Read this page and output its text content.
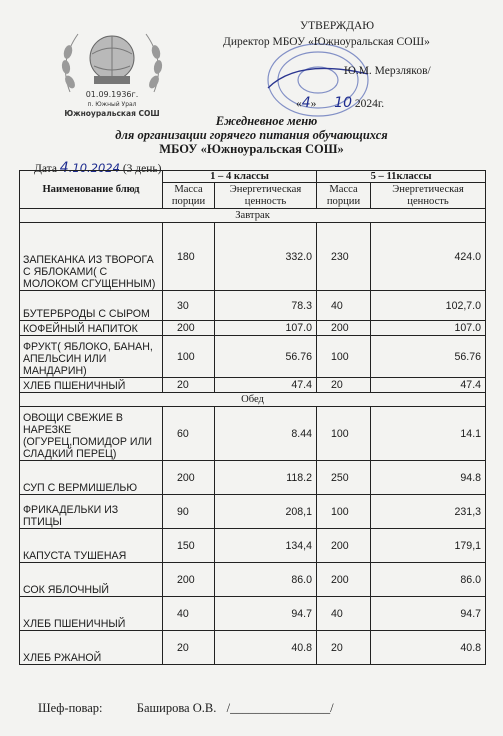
01.09.1936г.
п. Южный Урал
Южноуральская СОШ
УТВЕРЖДАЮ
Директор МБОУ «Южноуральская СОШ»
Ю.М. Мерзляков/
«4» 10 2024г.
Ежедневное меню
для организации горячего питания обучающихся
МБОУ «Южноуральская СОШ»
Дата 4.10.2024 (3 день)
Наименование блюд	1 – 4 классы		5 – 11классы	
	Масса порции	Энергетическая ценность	Масса порции	Энергетическая ценность
Завтрак				
ЗАПЕКАНКА ИЗ ТВОРОГА С ЯБЛОКАМИ( С МОЛОКОМ СГУЩЕННЫМ)	180	332.0	230	424.0
БУТЕРБРОДЫ С СЫРОМ	30	78.3	40	102,7.0
КОФЕЙНЫЙ НАПИТОК	200	107.0	200	107.0
ФРУКТ( ЯБЛОКО, БАНАН, АПЕЛЬСИН ИЛИ МАНДАРИН)	100	56.76	100	56.76
ХЛЕБ ПШЕНИЧНЫЙ	20	47.4	20	47.4
Обед				
ОВОЩИ СВЕЖИЕ В НАРЕЗКЕ (ОГУРЕЦ,ПОМИДОР ИЛИ СЛАДКИЙ ПЕРЕЦ)	60	8.44	100	14.1
СУП С ВЕРМИШЕЛЬЮ	200	118.2	250	94.8
ФРИКАДЕЛЬКИ ИЗ ПТИЦЫ	90	208,1	100	231,3
КАПУСТА ТУШЕНАЯ	150	134,4	200	179,1
СОК ЯБЛОЧНЫЙ	200	86.0	200	86.0
ХЛЕБ ПШЕНИЧНЫЙ	40	94.7	40	94.7
ХЛЕБ РЖАНОЙ	20	40.8	20	40.8
Шеф-повар:	Баширова О.В. /________________/
